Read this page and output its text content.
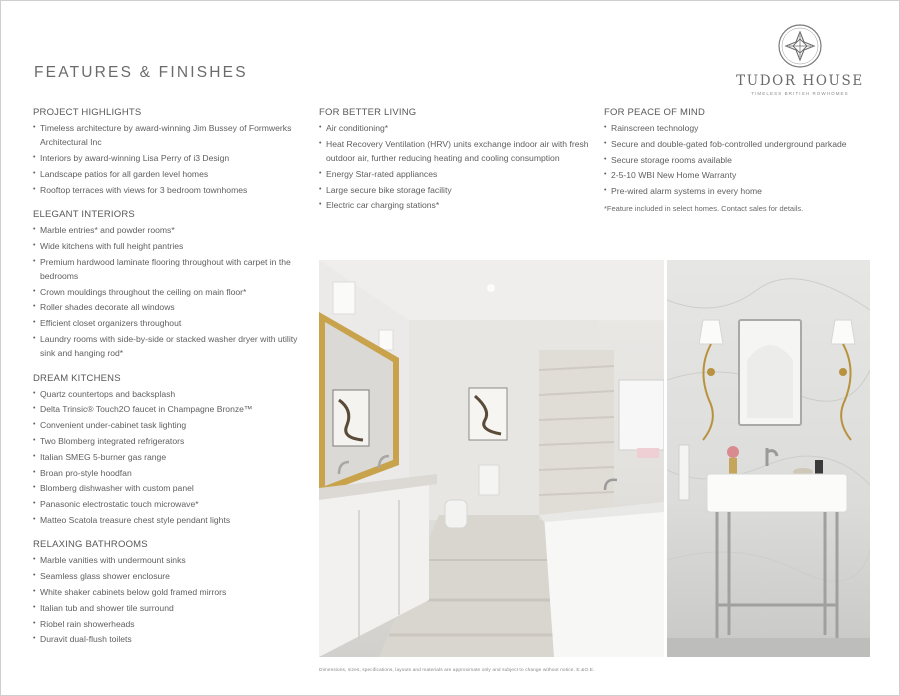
FEATURES & FINISHES	TUDOR HOUSE
TIMELESS BRITISH ROWHOMES
PROJECT HIGHLIGHTS
• Timeless architecture by award-winning Jim Bussey of Formwerks Architectural Inc
• Interiors by award-winning Lisa Perry of i3 Design
• Landscape patios for all garden level homes
• Rooftop terraces with views for 3 bedroom townhomes
ELEGANT INTERIORS
• Marble entries* and powder rooms*
• Wide kitchens with full height pantries
• Premium hardwood laminate flooring throughout with carpet in the bedrooms
• Crown mouldings throughout the ceiling on main floor*
• Roller shades decorate all windows
• Efficient closet organizers throughout
• Laundry rooms with side-by-side or stacked washer dryer with utility sink and hanging rod*
DREAM KITCHENS
• Quartz countertops and backsplash
• Delta Trinsic® Touch2O faucet in Champagne Bronze™
• Convenient under-cabinet task lighting
• Two Blomberg integrated refrigerators
• Italian SMEG 5-burner gas range
• Broan pro-style hoodfan
• Blomberg dishwasher with custom panel
• Panasonic electrostatic touch microwave*
• Matteo Scatola treasure chest style pendant lights
RELAXING BATHROOMS
• Marble vanities with undermount sinks
• Seamless glass shower enclosure
• White shaker cabinets below gold framed mirrors
• Italian tub and shower tile surround
• Riobel rain showerheads
• Duravit dual-flush toilets
FOR BETTER LIVING
• Air conditioning*
• Heat Recovery Ventilation (HRV) units exchange indoor air with fresh outdoor air, further reducing heating and cooling consumption
• Energy Star-rated appliances
• Large secure bike storage facility
• Electric car charging stations*
FOR PEACE OF MIND
• Rainscreen technology
• Secure and double-gated fob-controlled underground parkade
• Secure storage rooms available
• 2-5-10 WBI New Home Warranty
• Pre-wired alarm systems in every home
*Feature included in select homes. Contact sales for details.
Dimensions, sizes, specifications, layouts and materials are approximate only and subject to change without notice. E.&O.E.
